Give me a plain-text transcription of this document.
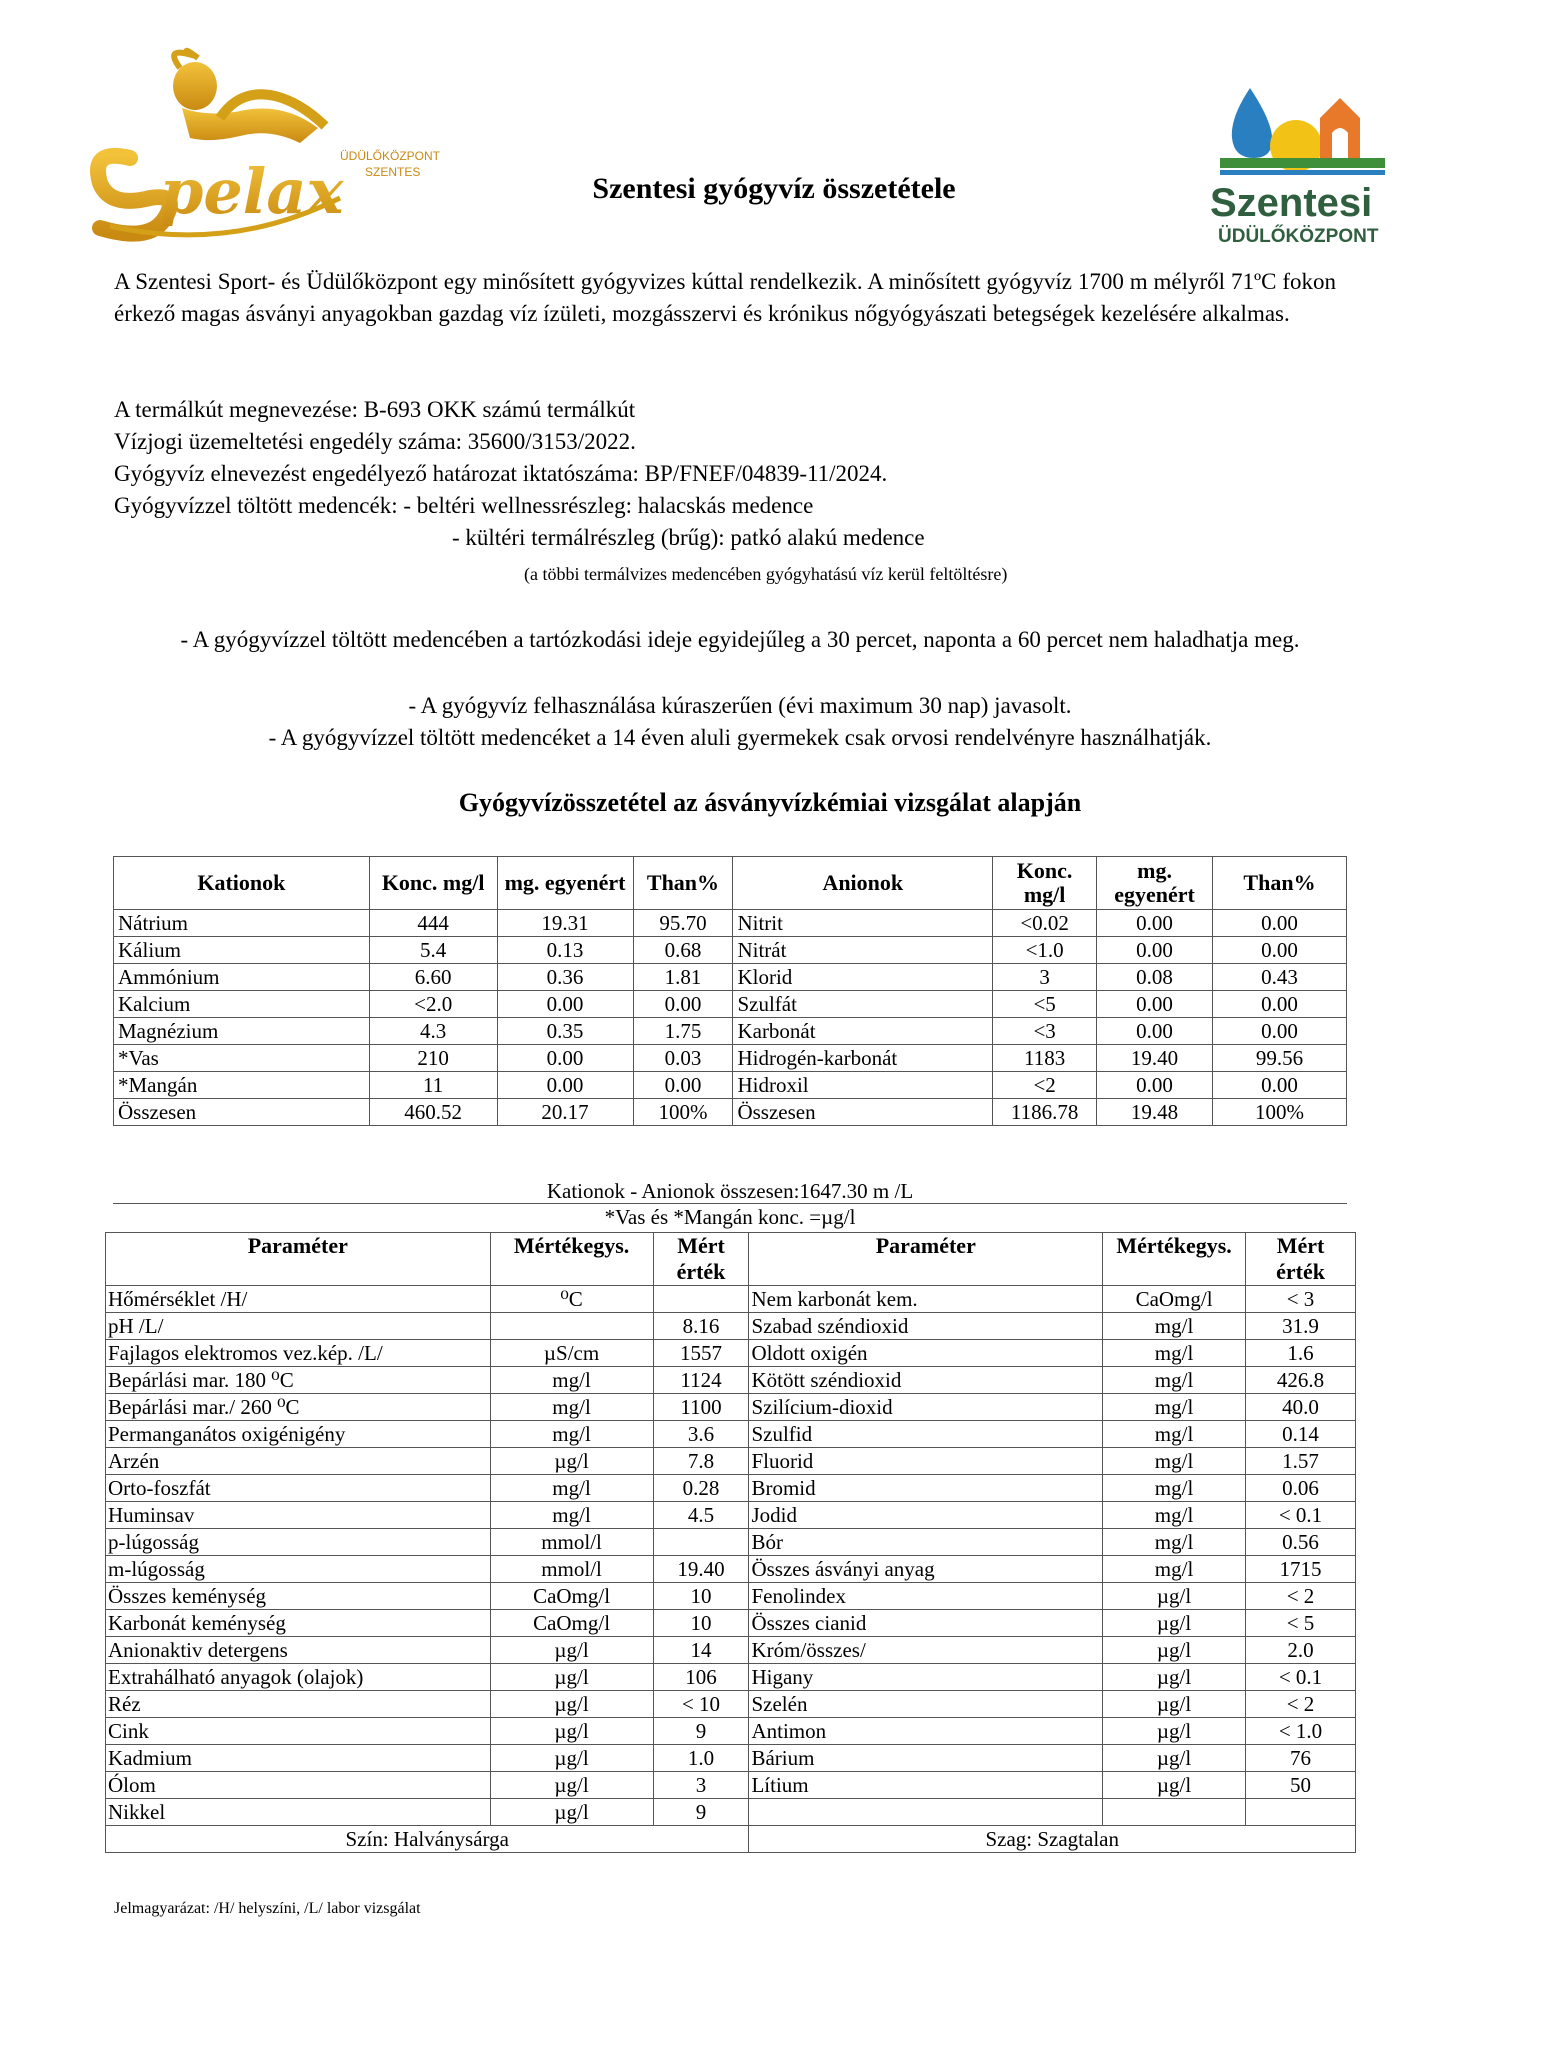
pelax
ÜDÜLŐKÖZPONT
SZENTES
Szentesi
ÜDÜLŐKÖZPONT
Szentesi gyógyvíz összetétele
A Szentesi Sport- és Üdülőközpont egy minősített gyógyvizes kúttal rendelkezik. A minősített gyógyvíz 1700 m mélyről 71ºC fokon érkező magas ásványi anyagokban gazdag víz ízületi, mozgásszervi és krónikus nőgyógyászati betegségek kezelésére alkalmas.
A termálkút megnevezése: B-693 OKK számú termálkút
Vízjogi üzemeltetési engedély száma: 35600/3153/2022.
Gyógyvíz elnevezést engedélyező határozat iktatószáma: BP/FNEF/04839-11/2024.
Gyógyvízzel töltött medencék: - beltéri wellnessrészleg: halacskás medence
- kültéri termálrészleg (brűg): patkó alakú medence
(a többi termálvizes medencében gyógyhatású víz kerül feltöltésre)
- A gyógyvízzel töltött medencében a tartózkodási ideje egyidejűleg a 30 percet, naponta a 60 percet nem haladhatja meg.
- A gyógyvíz felhasználása kúraszerűen (évi maximum 30 nap) javasolt.
- A gyógyvízzel töltött medencéket a 14 éven aluli gyermekek csak orvosi rendelvényre használhatják.
Gyógyvízösszetétel az ásványvízkémiai vizsgálat alapján
Kationok	Konc. mg/l	mg. egyenért	Than%	Anionok	Konc. mg/l	mg. egyenért	Than%
Nátrium	444	19.31	95.70	Nitrit	<0.02	0.00	0.00
Kálium	5.4	0.13	0.68	Nitrát	<1.0	0.00	0.00
Ammónium	6.60	0.36	1.81	Klorid	3	0.08	0.43
Kalcium	<2.0	0.00	0.00	Szulfát	<5	0.00	0.00
Magnézium	4.3	0.35	1.75	Karbonát	<3	0.00	0.00
*Vas	210	0.00	0.03	Hidrogén-karbonát	1183	19.40	99.56
*Mangán	11	0.00	0.00	Hidroxil	<2	0.00	0.00
Összesen	460.52	20.17	100%	Összesen	1186.78	19.48	100%
Kationok - Anionok összesen:1647.30 m /L
*Vas és *Mangán konc. =µg/l
Paraméter	Mértékegys.	Mért érték	Paraméter	Mértékegys.	Mért érték
Hőmérséklet /H/	⁰C		Nem karbonát kem.	CaOmg/l	< 3
pH /L/		8.16	Szabad széndioxid	mg/l	31.9
Fajlagos elektromos vez.kép. /L/	µS/cm	1557	Oldott oxigén	mg/l	1.6
Bepárlási mar. 180 ⁰C	mg/l	1124	Kötött széndioxid	mg/l	426.8
Bepárlási mar./ 260 ⁰C	mg/l	1100	Szilícium-dioxid	mg/l	40.0
Permanganátos oxigénigény	mg/l	3.6	Szulfid	mg/l	0.14
Arzén	µg/l	7.8	Fluorid	mg/l	1.57
Orto-foszfát	mg/l	0.28	Bromid	mg/l	0.06
Huminsav	mg/l	4.5	Jodid	mg/l	< 0.1
p-lúgosság	mmol/l		Bór	mg/l	0.56
m-lúgosság	mmol/l	19.40	Összes ásványi anyag	mg/l	1715
Összes keménység	CaOmg/l	10	Fenolindex	µg/l	< 2
Karbonát keménység	CaOmg/l	10	Összes cianid	µg/l	< 5
Anionaktiv detergens	µg/l	14	Króm/összes/	µg/l	2.0
Extrahálható anyagok (olajok)	µg/l	106	Higany	µg/l	< 0.1
Réz	µg/l	< 10	Szelén	µg/l	< 2
Cink	µg/l	9	Antimon	µg/l	< 1.0
Kadmium	µg/l	1.0	Bárium	µg/l	76
Ólom	µg/l	3	Lítium	µg/l	50
Nikkel	µg/l	9			
Szín: Halványsárga			Szag: Szagtalan		
Jelmagyarázat: /H/ helyszíni, /L/ labor vizsgálat
